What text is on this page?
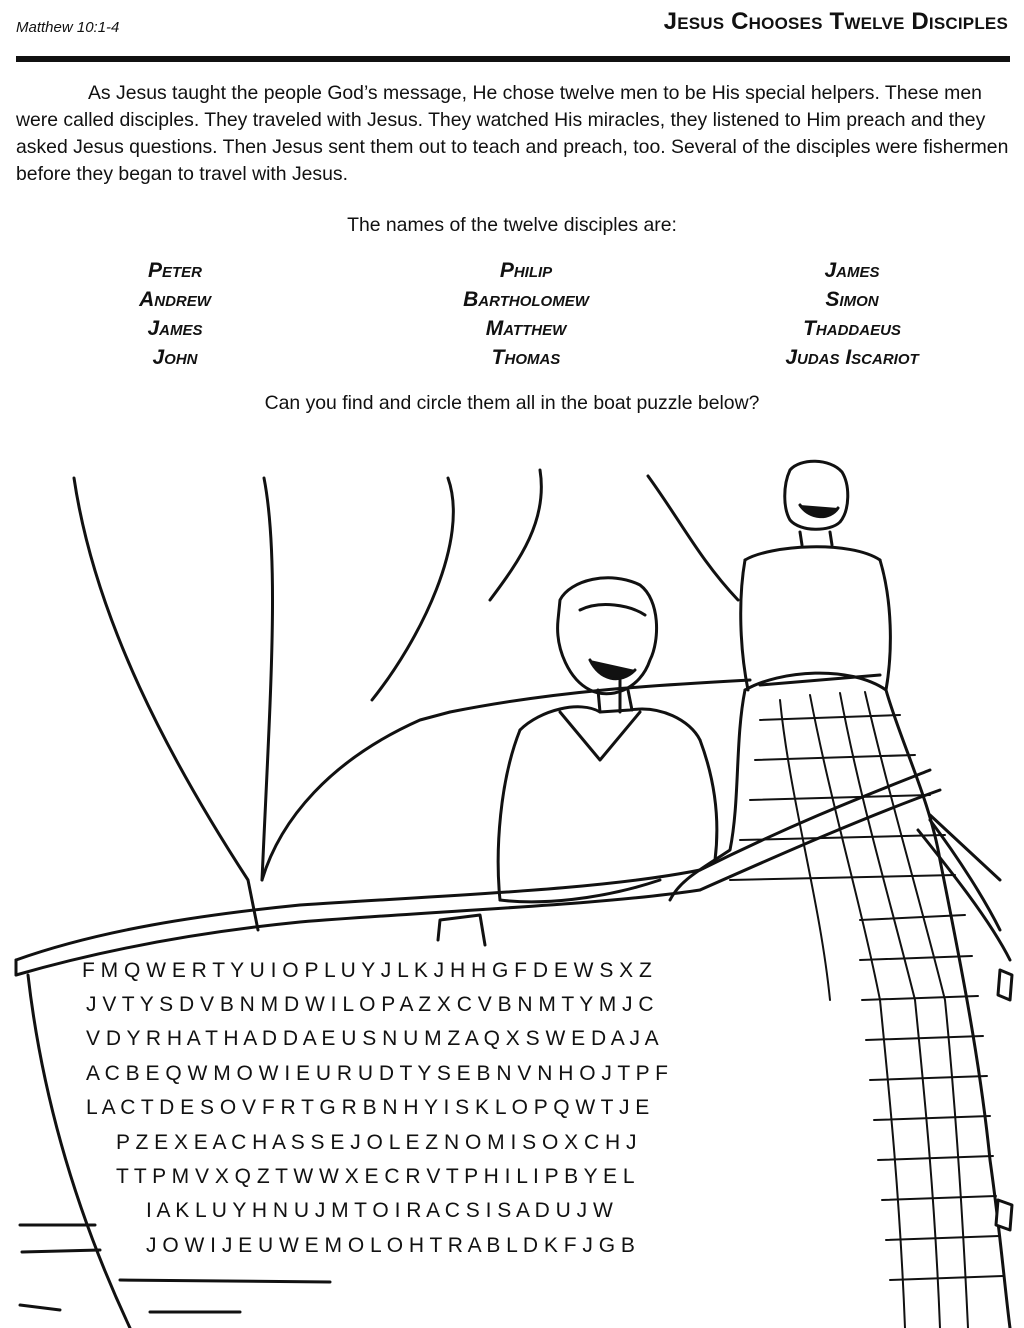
Matthew 10:1-4	Jesus Chooses Twelve Disciples
As Jesus taught the people God’s message, He chose twelve men to be His special helpers. These men were called disciples. They traveled with Jesus. They watched His miracles, they listened to Him preach and they asked Jesus questions. Then Jesus sent them out to teach and preach, too. Several of the disciples were fishermen before they began to travel with Jesus.
The names of the twelve disciples are:
Peter
Andrew
James
John
Philip
Bartholomew
Matthew
Thomas
James
Simon
Thaddaeus
Judas Iscariot
Can you find and circle them all in the boat puzzle below?
F M Q W E R T Y U I O P L U Y J L K J H H G F D E W S X Z
J V T Y S D V B N M D W I L O P A Z X C V B N M T Y M J C
V D Y R H A T H A D D A E U S N U M Z A Q X S W E D A J A
A C B E Q W M O W I E U R U D T Y S E B N V N H O J T P F
L A C T D E S O V F R T G R B N H Y I S K L O P Q W T J E
P Z E X E A C H A S S E J O L E Z N O M I S O X C H J
T T P M V X Q Z T W W X E C R V T P H I L I P B Y E L
I A K L U Y H N U J M T O I R A C S I S A D U J W
J O W I J E U W E M O L O H T R A B L D K F J G B
